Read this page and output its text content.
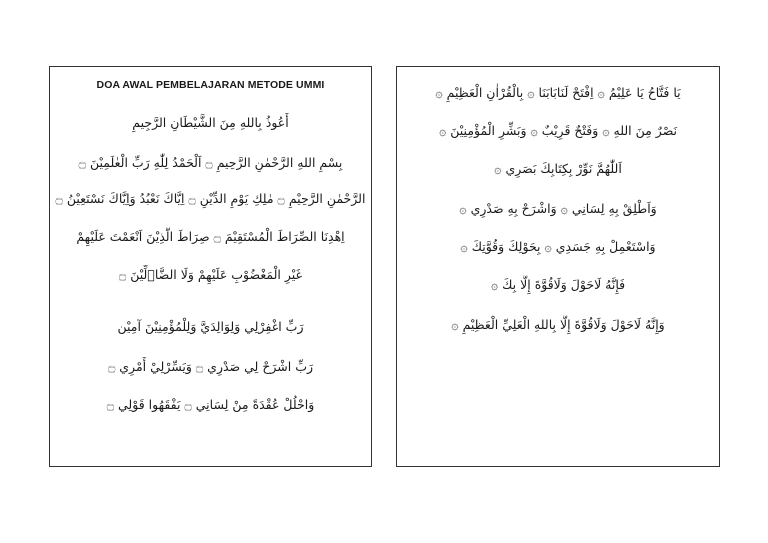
DOA AWAL PEMBELAJARAN METODE UMMI
أَعُوذُ بِاللهِ مِنَ الشَّيْطَانِ الرَّجِيمِ
بِسْمِ اللهِ الرَّحْمٰنِ الرَّحِيمِ ۝ اَلْحَمْدُ لِلّٰهِ رَبِّ الْعٰلَمِيْنَ ۝
الرَّحْمٰنِ الرَّحِيْمِ ۝ مٰلِكِ يَوْمِ الدِّيْنِ ۝ اِيَّاكَ نَعْبُدُ وَاِيَّاكَ نَسْتَعِيْنُ ۝
اِهْدِنَا الصِّرَاطَ الْمُسْتَقِيْمَ ۝ صِرَاطَ الَّذِيْنَ اَنْعَمْتَ عَلَيْهِمْ
غَيْرِ الْمَغْضُوْبِ عَلَيْهِمْ وَلَا الضَّاۤلِّيْنَ ۝
رَبِّ اغْفِرْلِي وَلِوَالِدَيَّ وَلِلْمُؤْمِنِيْنَ آمِيْن
رَبِّ اشْرَحْ لِي صَدْرِي ۝ وَيَسِّرْلِيْ أَمْرِي ۝
وَاحْلُلْ عُقْدَةً مِنْ لِسَانِي ۝ يَفْقَهُوا قَوْلِي ۝
يَا فَتَّاحُ يَا عَلِيْمُ ۞ اِفْتَحْ لَنَابَابَنَا ۞ بِالْقُرْاٰنِ الْعَظِيْمِ ۞
نَصْرٌ مِنَ اللهِ ۞ وَفَتْحٌ قَرِيْبٌ ۞ وَبَشِّرِ الْمُؤْمِنِيْنَ ۞
اَللّٰهُمَّ نَوِّرْ بِكِتَابِكَ بَصَرِي ۞
وَاَطْلِقْ بِهِ لِسَانِي ۞ وَاشْرَحْ بِهِ صَدْرِي ۞
وَاسْتَعْمِلْ بِهِ جَسَدِي ۞ بِحَوْلِكَ وَقُوَّتِكَ ۞
فَإِنَّهُ لَاحَوْلَ وَلَاقُوَّةَ إِلَّا بِكَ ۞
وَإِنَّهُ لَاحَوْلَ وَلَاقُوَّةَ إِلَّا بِاللهِ الْعَلِيِّ الْعَظِيْمِ ۞
